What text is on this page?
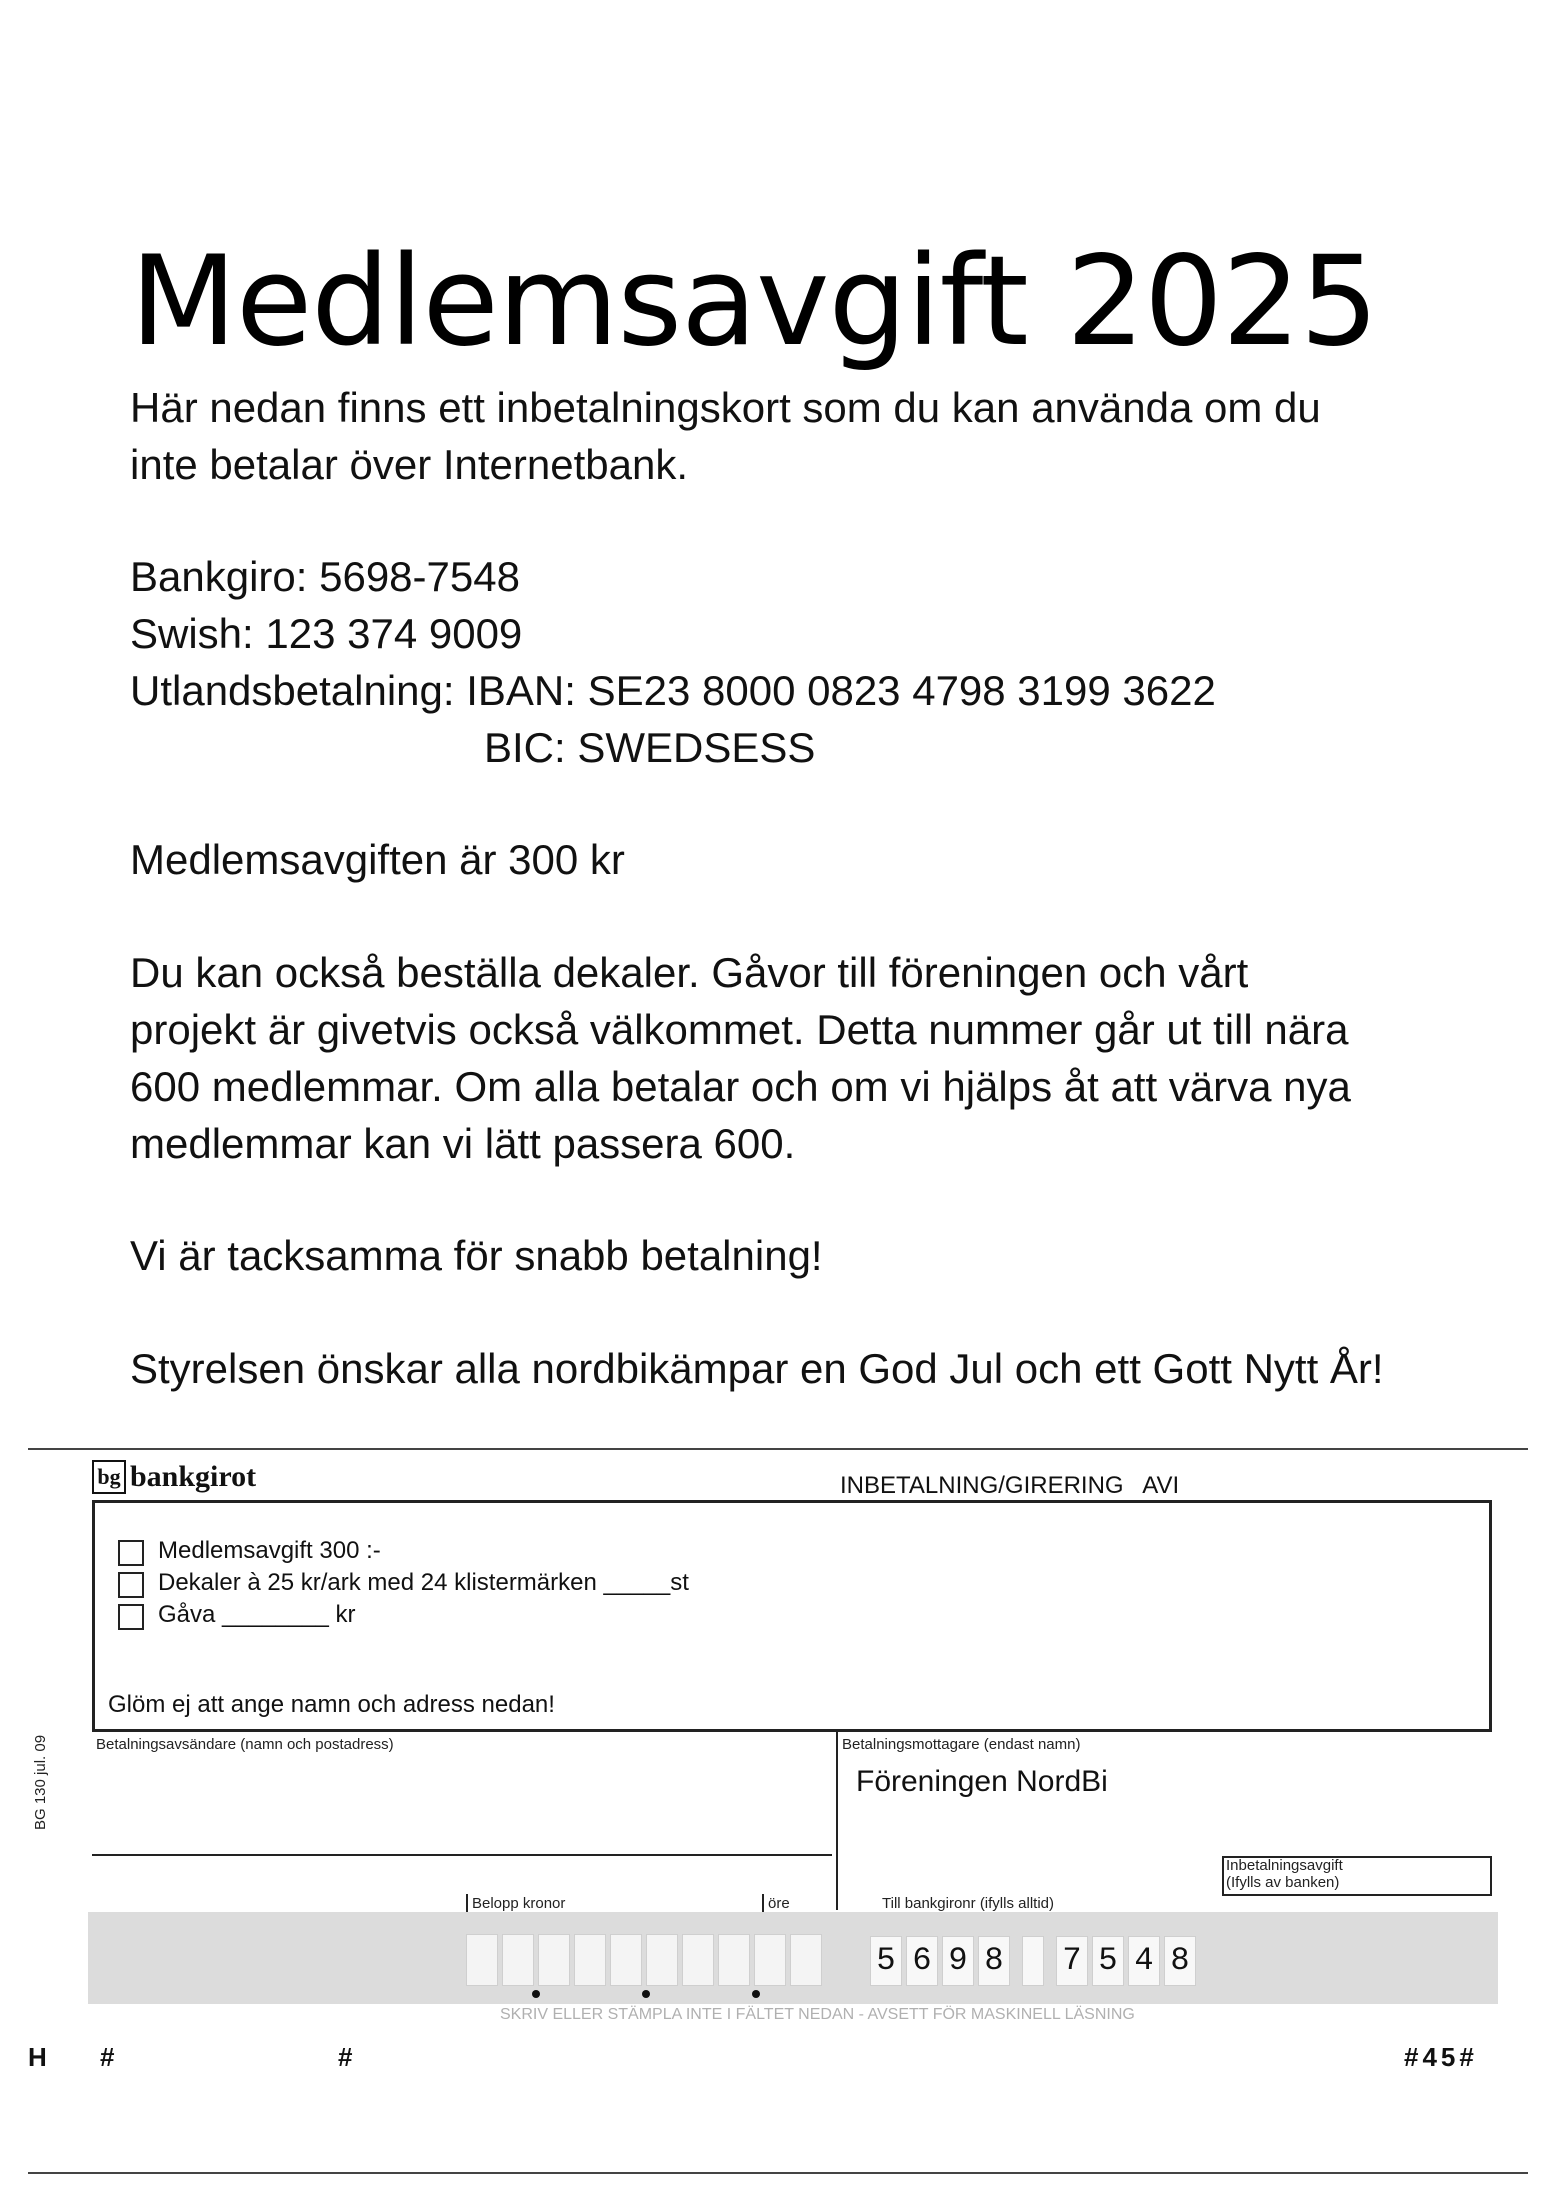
Medlemsavgift 2025
Här nedan finns ett inbetalningskort som du kan använda om du
inte betalar över Internetbank.
Bankgiro: 5698-7548
Swish: 123 374 9009
Utlandsbetalning: IBAN: SE23 8000 0823 4798 3199 3622
BIC: SWEDSESS
Medlemsavgiften är 300 kr
Du kan också beställa dekaler. Gåvor till föreningen och vårt
projekt är givetvis också välkommet. Detta nummer går ut till nära
600 medlemmar. Om alla betalar och om vi hjälps åt att värva nya
medlemmar kan vi lätt passera 600.
Vi är tacksamma för snabb betalning!
Styrelsen önskar alla nordbikämpar en God Jul och ett Gott Nytt År!
bg bankgirot	INBETALNING/GIRERING   AVI
Medlemsavgift 300 :-
Dekaler à 25 kr/ark med 24 klistermärken _____st
Gåva ________ kr
Glöm ej att ange namn och adress nedan!
Betalningsavsändare (namn och postadress)	Betalningsmottagare (endast namn)
Föreningen NordBi
Inbetalningsavgift
(Ifylls av banken)
BG 130 jul. 09
Belopp kronor	öre	Till bankgironr (ifylls alltid)
5 6 9 8 7 5 4 8
SKRIV ELLER STÄMPLA INTE I FÄLTET NEDAN - AVSETT FÖR MASKINELL LÄSNING
H #	#	#45#
